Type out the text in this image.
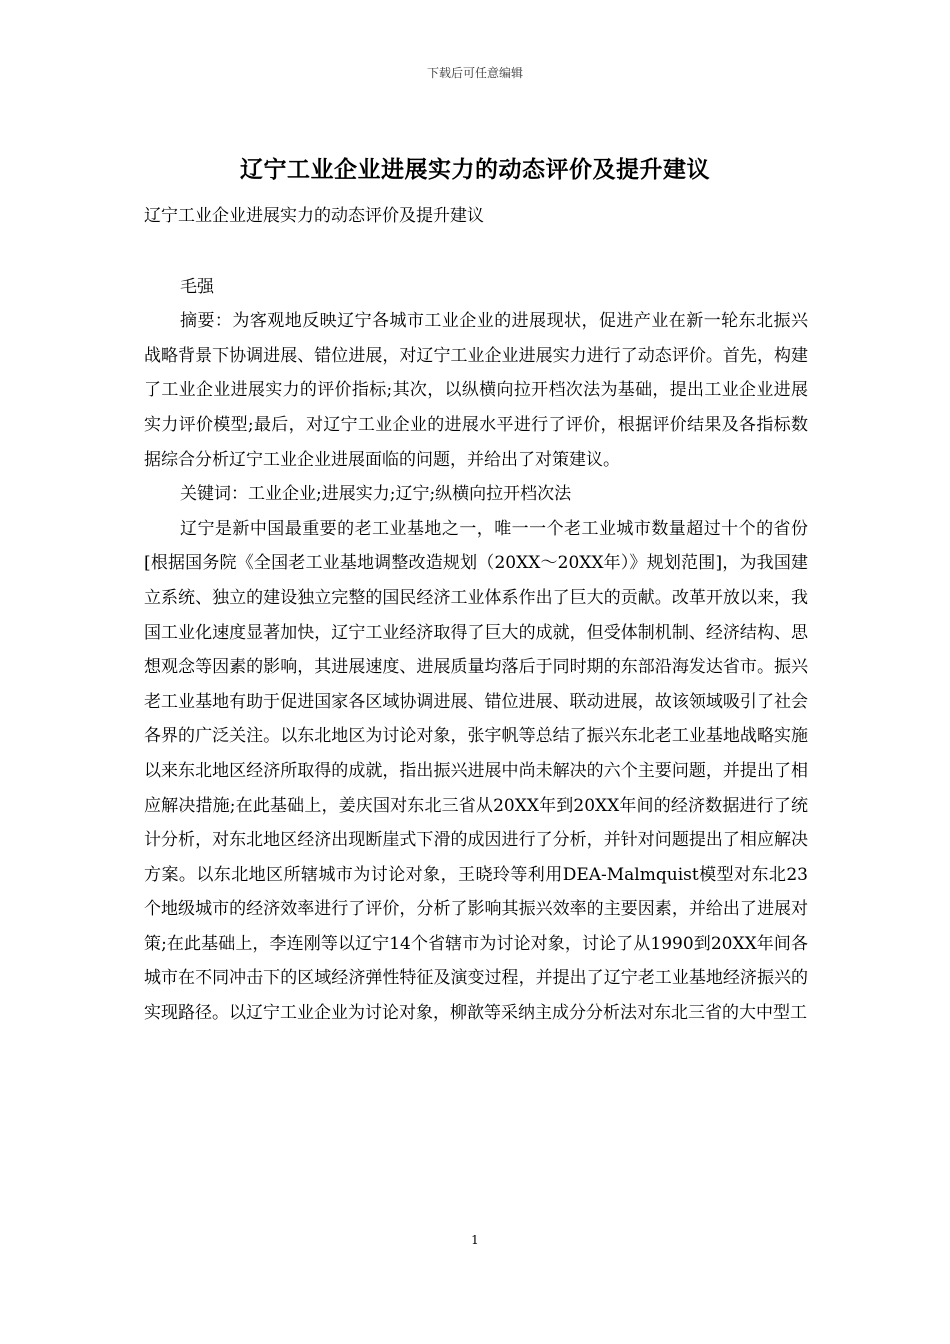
下载后可任意编辑
辽宁工业企业进展实力的动态评价及提升建议

辽宁工业企业进展实力的动态评价及提升建议

毛强

摘要：为客观地反映辽宁各城市工业企业的进展现状，促进产业在新一轮东北振兴战略背景下协调进展、错位进展，对辽宁工业企业进展实力进行了动态评价。首先，构建了工业企业进展实力的评价指标;其次，以纵横向拉开档次法为基础，提出工业企业进展实力评价模型;最后，对辽宁工业企业的进展水平进行了评价，根据评价结果及各指标数据综合分析辽宁工业企业进展面临的问题，并给出了对策建议。

关键词：工业企业;进展实力;辽宁;纵横向拉开档次法

辽宁是新中国最重要的老工业基地之一，唯一一个老工业城市数量超过十个的省份[根据国务院《全国老工业基地调整改造规划（20XX～20XX年）》规划范围]，为我国建立系统、独立的建设独立完整的国民经济工业体系作出了巨大的贡献。改革开放以来，我国工业化速度显著加快，辽宁工业经济取得了巨大的成就，但受体制机制、经济结构、思想观念等因素的影响，其进展速度、进展质量均落后于同时期的东部沿海发达省市。振兴老工业基地有助于促进国家各区域协调进展、错位进展、联动进展，故该领域吸引了社会各界的广泛关注。以东北地区为讨论对象，张宇帆等总结了振兴东北老工业基地战略实施以来东北地区经济所取得的成就，指出振兴进展中尚未解决的六个主要问题，并提出了相应解决措施;在此基础上，姜庆国对东北三省从20XX年到20XX年间的经济数据进行了统计分析，对东北地区经济出现断崖式下滑的成因进行了分析，并针对问题提出了相应解决方案。以东北地区所辖城市为讨论对象，王晓玲等利用DEA-Malmquist模型对东北23个地级城市的经济效率进行了评价，分析了影响其振兴效率的主要因素，并给出了进展对策;在此基础上，李连刚等以辽宁14个省辖市为讨论对象，讨论了从1990到20XX年间各城市在不同冲击下的区域经济弹性特征及演变过程，并提出了辽宁老工业基地经济振兴的实现路径。以辽宁工业企业为讨论对象，柳歆等采纳主成分分析法对东北三省的大中型工

1
